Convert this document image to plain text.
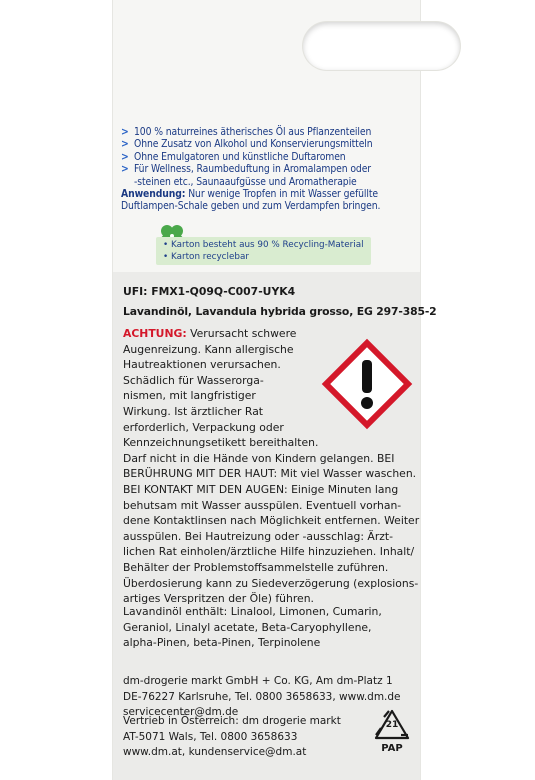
> 100 % naturreines ätherisches Öl aus Pflanzenteilen
> Ohne Zusatz von Alkohol und Konservierungsmitteln
> Ohne Emulgatoren und künstliche Duftaromen
> Für Wellness, Raumbeduftung in Aromalampen oder
-steinen etc., Saunaaufgüsse und Aromatherapie
Anwendung: Nur wenige Tropfen in mit Wasser gefüllte
Duftlampen-Schale geben und zum Verdampfen bringen.
• Karton besteht aus 90 % Recycling-Material
• Karton recyclebar
UFI: FMX1-Q09Q-C007-UYK4
Lavandinöl, Lavandula hybrida grosso, EG 297-385-2
ACHTUNG: Verursacht schwere
Augenreizung. Kann allergische
Hautreaktionen verursachen.
Schädlich für Wasserorga-
nismen, mit langfristiger
Wirkung. Ist ärztlicher Rat
erforderlich, Verpackung oder
Kennzeichnungsetikett bereithalten.
Darf nicht in die Hände von Kindern gelangen. BEI
BERÜHRUNG MIT DER HAUT: Mit viel Wasser waschen.
BEI KONTAKT MIT DEN AUGEN: Einige Minuten lang
behutsam mit Wasser ausspülen. Eventuell vorhan-
dene Kontaktlinsen nach Möglichkeit entfernen. Weiter
ausspülen. Bei Hautreizung oder -ausschlag: Ärzt-
lichen Rat einholen/ärztliche Hilfe hinzuziehen. Inhalt/
Behälter der Problemstoffsammelstelle zuführen.
Überdosierung kann zu Siedeverzögerung (explosions-
artiges Verspritzen der Öle) führen.
Lavandinöl enthält: Linalool, Limonen, Cumarin,
Geraniol, Linalyl acetate, Beta-Caryophyllene,
alpha-Pinen, beta-Pinen, Terpinolene
dm-drogerie markt GmbH + Co. KG, Am dm-Platz 1
DE-76227 Karlsruhe, Tel. 0800 3658633, www.dm.de
servicecenter@dm.de
Vertrieb in Österreich: dm drogerie markt
AT-5071 Wals, Tel. 0800 3658633
www.dm.at, kundenservice@dm.at
21
PAP
